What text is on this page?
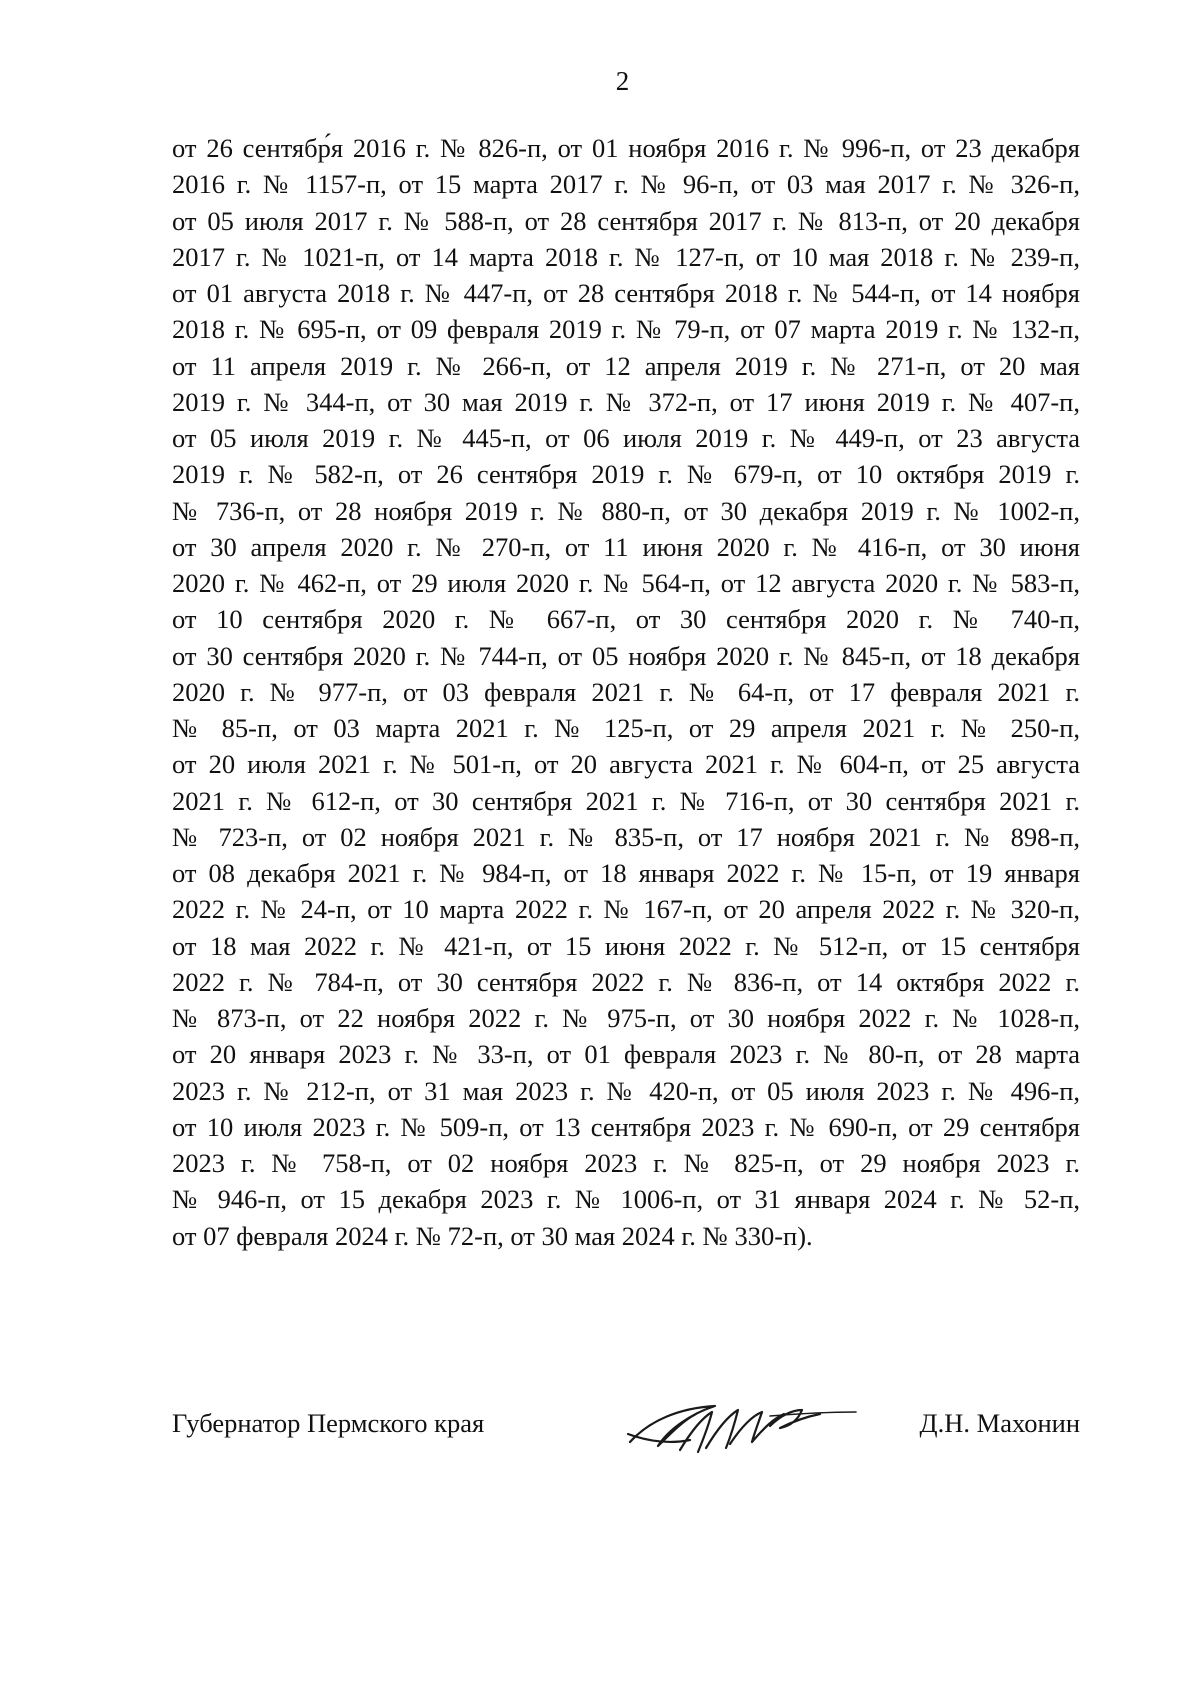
2
от 26 сентябр́я 2016 г. № 826-п, от 01 ноября 2016 г. № 996-п, от 23 декабря
2016 г. № 1157-п, от 15 марта 2017 г. № 96-п, от 03 мая 2017 г. № 326-п,
от 05 июля 2017 г. № 588-п, от 28 сентября 2017 г. № 813-п, от 20 декабря
2017 г. № 1021-п, от 14 марта 2018 г. № 127-п, от 10 мая 2018 г. № 239-п,
от 01 августа 2018 г. № 447-п, от 28 сентября 2018 г. № 544-п, от 14 ноября
2018 г. № 695-п, от 09 февраля 2019 г. № 79-п, от 07 марта 2019 г. № 132-п,
от 11 апреля 2019 г. № 266-п, от 12 апреля 2019 г. № 271-п, от 20 мая
2019 г. № 344-п, от 30 мая 2019 г. № 372-п, от 17 июня 2019 г. № 407-п,
от 05 июля 2019 г. № 445-п, от 06 июля 2019 г. № 449-п, от 23 августа
2019 г. № 582-п, от 26 сентября 2019 г. № 679-п, от 10 октября 2019 г.
№ 736-п, от 28 ноября 2019 г. № 880-п, от 30 декабря 2019 г. № 1002-п,
от 30 апреля 2020 г. № 270-п, от 11 июня 2020 г. № 416-п, от 30 июня
2020 г. № 462-п, от 29 июля 2020 г. № 564-п, от 12 августа 2020 г. № 583-п,
от 10 сентября 2020 г. № 667-п, от 30 сентября 2020 г. № 740-п,
от 30 сентября 2020 г. № 744-п, от 05 ноября 2020 г. № 845-п, от 18 декабря
2020 г. № 977-п, от 03 февраля 2021 г. № 64-п, от 17 февраля 2021 г.
№ 85-п, от 03 марта 2021 г. № 125-п, от 29 апреля 2021 г. № 250-п,
от 20 июля 2021 г. № 501-п, от 20 августа 2021 г. № 604-п, от 25 августа
2021 г. № 612-п, от 30 сентября 2021 г. № 716-п, от 30 сентября 2021 г.
№ 723-п, от 02 ноября 2021 г. № 835-п, от 17 ноября 2021 г. № 898-п,
от 08 декабря 2021 г. № 984-п, от 18 января 2022 г. № 15-п, от 19 января
2022 г. № 24-п, от 10 марта 2022 г. № 167-п, от 20 апреля 2022 г. № 320-п,
от 18 мая 2022 г. № 421-п, от 15 июня 2022 г. № 512-п, от 15 сентября
2022 г. № 784-п, от 30 сентября 2022 г. № 836-п, от 14 октября 2022 г.
№ 873-п, от 22 ноября 2022 г. № 975-п, от 30 ноября 2022 г. № 1028-п,
от 20 января 2023 г. № 33-п, от 01 февраля 2023 г. № 80-п, от 28 марта
2023 г. № 212-п, от 31 мая 2023 г. № 420-п, от 05 июля 2023 г. № 496-п,
от 10 июля 2023 г. № 509-п, от 13 сентября 2023 г. № 690-п, от 29 сентября
2023 г. № 758-п, от 02 ноября 2023 г. № 825-п, от 29 ноября 2023 г.
№ 946-п, от 15 декабря 2023 г. № 1006-п, от 31 января 2024 г. № 52-п,
от 07 февраля 2024 г. № 72-п, от 30 мая 2024 г. № 330-п).
Губернатор Пермского края	Д.Н. Махонин
